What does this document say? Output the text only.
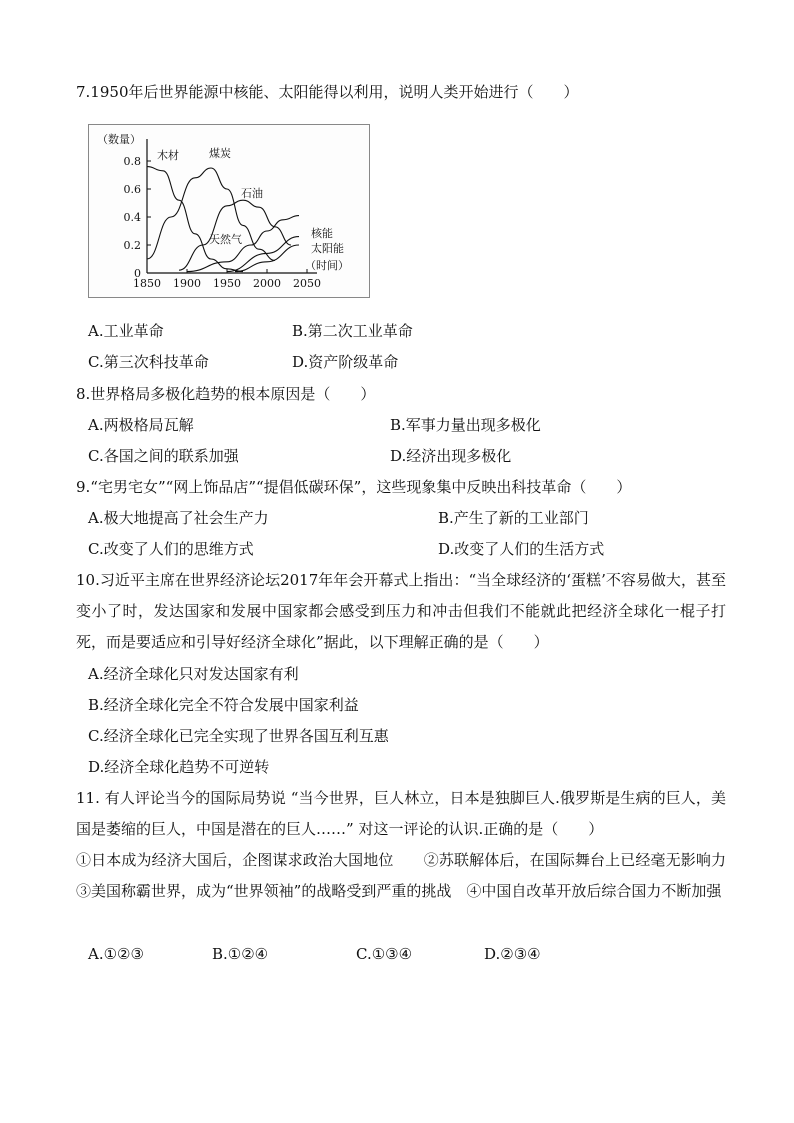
7.1950年后世界能源中核能、太阳能得以利用，说明人类开始进行（　　）
0
0.2
0.4
0.6
0.8
1850 1900 1950 2000 2050
（数量）
（时间）
木材	煤炭
石油
天然气	核能
太阳能
A.工业革命	B.第二次工业革命
C.第三次科技革命	D.资产阶级革命
8.世界格局多极化趋势的根本原因是（　　）
A.两极格局瓦解	B.军事力量出现多极化
C.各国之间的联系加强	D.经济出现多极化
9.“宅男宅女”“网上饰品店”“提倡低碳环保”，这些现象集中反映出科技革命（　　）
A.极大地提高了社会生产力	B.产生了新的工业部门
C.改变了人们的思维方式	D.改变了人们的生活方式
10.习近平主席在世界经济论坛2017年年会开幕式上指出：“当全球经济的‘蛋糕’不容易做大，甚至变小了时，发达国家和发展中国家都会感受到压力和冲击但我们不能就此把经济全球化一棍子打死，而是要适应和引导好经济全球化”据此，以下理解正确的是（　　）
A.经济全球化只对发达国家有利
B.经济全球化完全不符合发展中国家利益
C.经济全球化已完全实现了世界各国互利互惠
D.经济全球化趋势不可逆转
11. 有人评论当今的国际局势说 “当今世界，巨人林立，日本是独脚巨人.俄罗斯是生病的巨人，美国是萎缩的巨人，中国是潜在的巨人……” 对这一评论的认识.正确的是（　　）
①日本成为经济大国后，企图谋求政治大国地位　　②苏联解体后，在国际舞台上已经毫无影响力　③美国称霸世界，成为“世界领袖”的战略受到严重的挑战　④中国自改革开放后综合国力不断加强
A.①②③	B.①②④	C.①③④	D.②③④
